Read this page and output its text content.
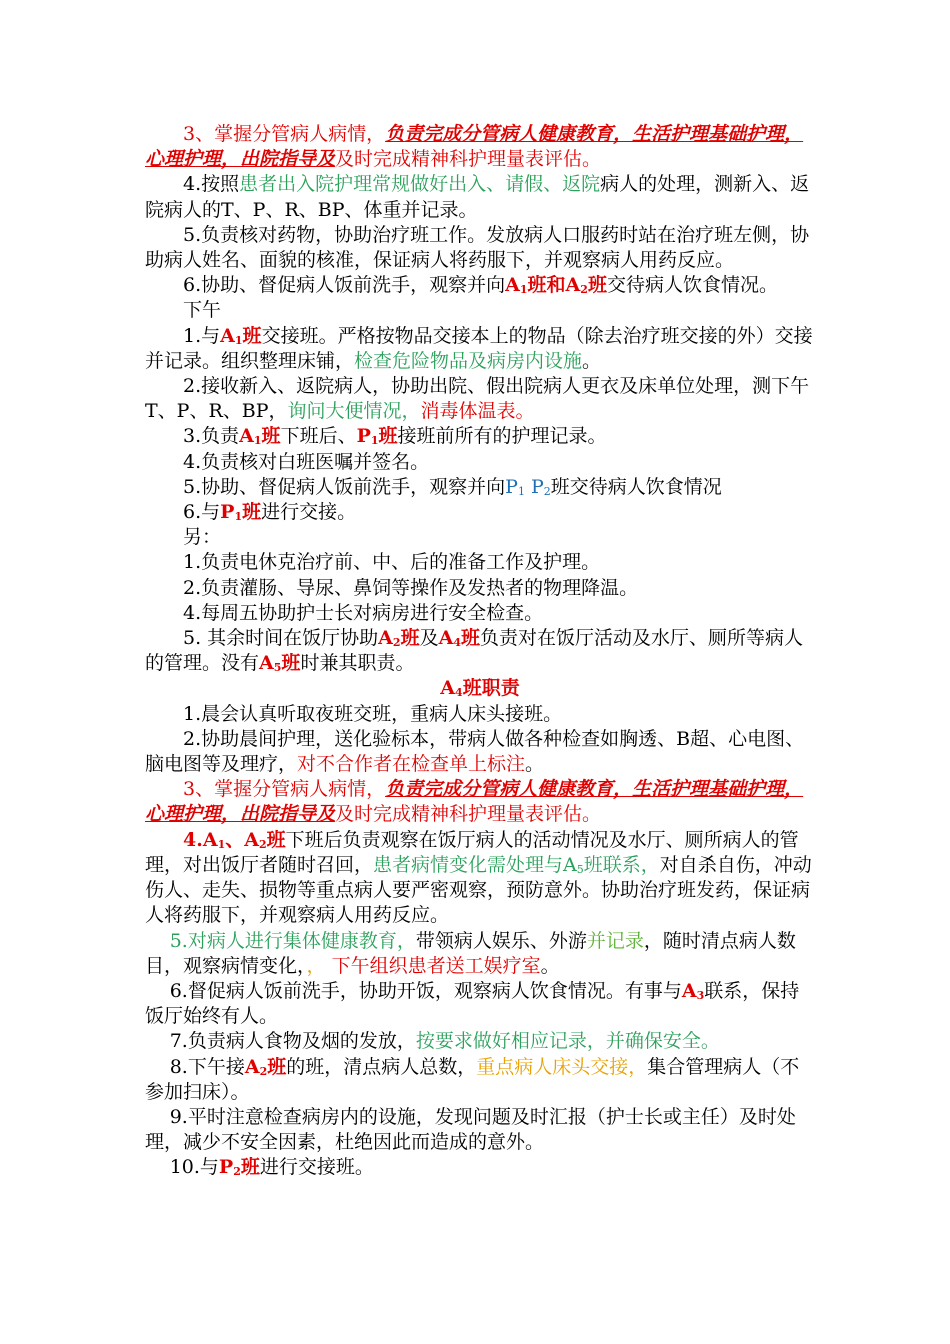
3、掌握分管病人病情，负责完成分管病人健康教育，生活护理基础护理，心理护理，出院指导及及时完成精神科护理量表评估。

4.按照患者出入院护理常规做好出入、请假、返院病人的处理，测新入、返院病人的T、P、R、BP、体重并记录。

5.负责核对药物，协助治疗班工作。发放病人口服药时站在治疗班左侧，协助病人姓名、面貌的核准，保证病人将药服下，并观察病人用药反应。

6.协助、督促病人饭前洗手，观察并向$A_1$班和$A_2$班交待病人饮食情况。

下午

1.与$A_1$班交接班。严格按物品交接本上的物品（除去治疗班交接的外）交接并记录。组织整理床铺，检查危险物品及病房内设施。

2.接收新入、返院病人，协助出院、假出院病人更衣及床单位处理，测下午T、P、R、BP，询问大便情况，消毒体温表。

3.负责$A_1$班下班后、$P_1$班接班前所有的护理记录。

4.负责核对白班医嘱并签名。

5.协助、督促病人饭前洗手，观察并向$P_1$ $P_2$班交待病人饮食情况

6.与$P_1$班进行交接。

另：

1.负责电休克治疗前、中、后的准备工作及护理。

2.负责灌肠、导尿、鼻饲等操作及发热者的物理降温。

4.每周五协助护士长对病房进行安全检查。

5. 其余时间在饭厅协助$A_2$班及$A_4$班负责对在饭厅活动及水厅、厕所等病人的管理。没有$A_5$班时兼其职责。

$A_4$班职责

1.晨会认真听取夜班交班，重病人床头接班。

2.协助晨间护理，送化验标本，带病人做各种检查如胸透、B超、心电图、脑电图等及理疗，对不合作者在检查单上标注。

3、掌握分管病人病情，负责完成分管病人健康教育，生活护理基础护理，心理护理，出院指导及及时完成精神科护理量表评估。

$4.A_1$、$A_2$班下班后负责观察在饭厅病人的活动情况及水厅、厕所病人的管理，对出饭厅者随时召回，患者病情变化需处理与$A_5$班联系，对自杀自伤，冲动伤人、走失、损物等重点病人要严密观察，预防意外。协助治疗班发药，保证病人将药服下，并观察病人用药反应。

5.对病人进行集体健康教育，带领病人娱乐、外游并记录，随时清点病人数目，观察病情变化，， 下午组织患者送工娱疗室。

6.督促病人饭前洗手，协助开饭，观察病人饮食情况。有事与$A_3$联系，保持饭厅始终有人。

7.负责病人食物及烟的发放，按要求做好相应记录，并确保安全。

8.下午接$A_2$班的班，清点病人总数，重点病人床头交接，集合管理病人（不参加扫床）。

9.平时注意检查病房内的设施，发现问题及时汇报（护士长或主任）及时处理，减少不安全因素，杜绝因此而造成的意外。

10.与$P_2$班进行交接班。
